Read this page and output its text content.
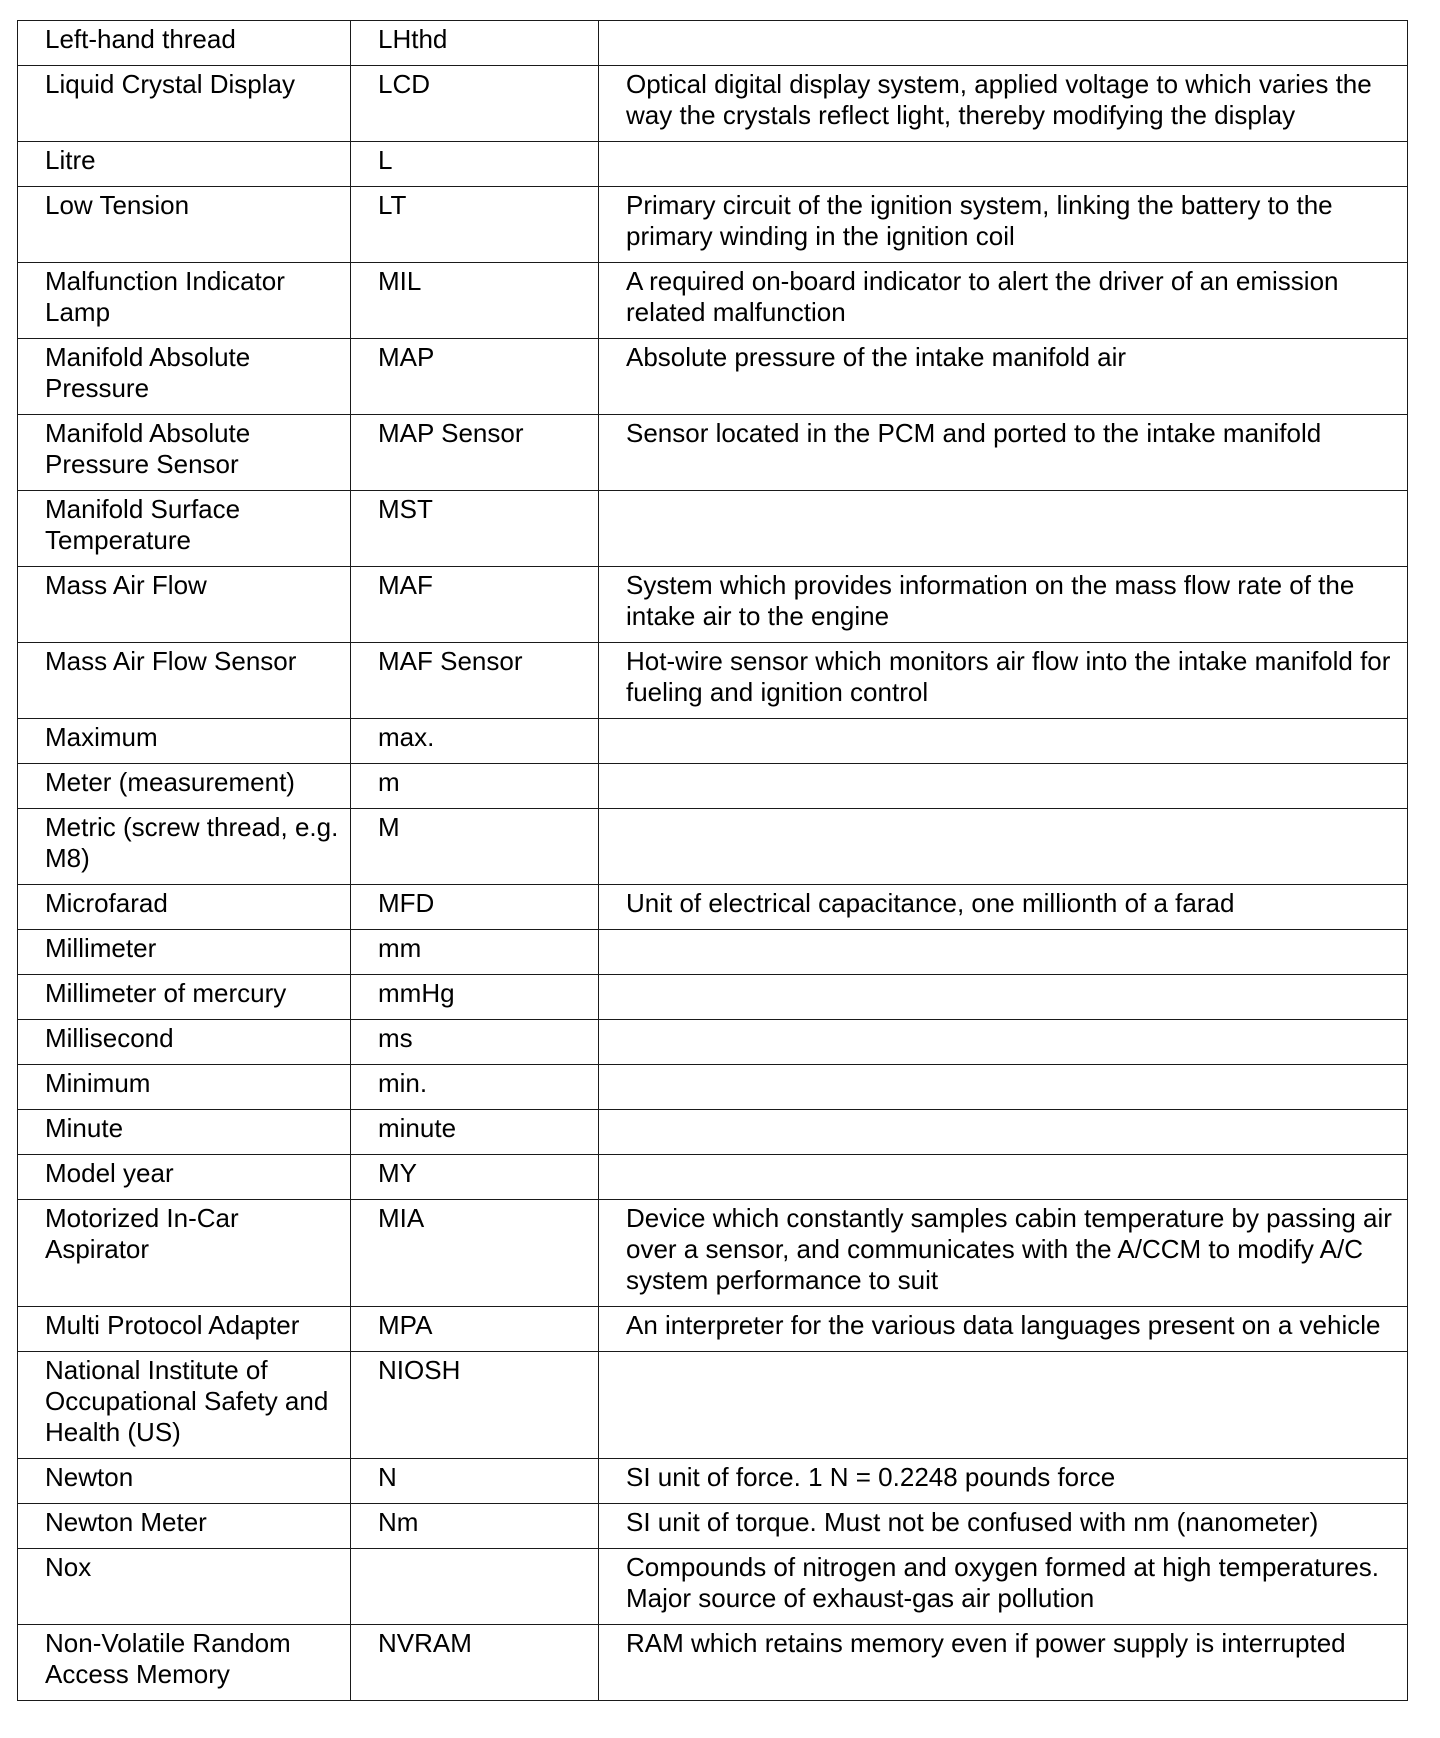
Left-hand thread	LHthd	
Liquid Crystal Display	LCD	Optical digital display system, applied voltage to which varies the way the crystals reflect light, thereby modifying the display
Litre	L	
Low Tension	LT	Primary circuit of the ignition system, linking the battery to the primary winding in the ignition coil
Malfunction Indicator Lamp	MIL	A required on-board indicator to alert the driver of an emission related malfunction
Manifold Absolute Pressure	MAP	Absolute pressure of the intake manifold air
Manifold Absolute Pressure Sensor	MAP Sensor	Sensor located in the PCM and ported to the intake manifold
Manifold Surface Temperature	MST	
Mass Air Flow	MAF	System which provides information on the mass flow rate of the intake air to the engine
Mass Air Flow Sensor	MAF Sensor	Hot-wire sensor which monitors air flow into the intake manifold for fueling and ignition control
Maximum	max.	
Meter (measurement)	m	
Metric (screw thread, e.g. M8)	M	
Microfarad	MFD	Unit of electrical capacitance, one millionth of a farad
Millimeter	mm	
Millimeter of mercury	mmHg	
Millisecond	ms	
Minimum	min.	
Minute	minute	
Model year	MY	
Motorized In-Car Aspirator	MIA	Device which constantly samples cabin temperature by passing air over a sensor, and communicates with the A/CCM to modify A/C system performance to suit
Multi Protocol Adapter	MPA	An interpreter for the various data languages present on a vehicle
National Institute of Occupational Safety and Health (US)	NIOSH	
Newton	N	SI unit of force. 1 N = 0.2248 pounds force
Newton Meter	Nm	SI unit of torque. Must not be confused with nm (nanometer)
Nox		Compounds of nitrogen and oxygen formed at high temperatures. Major source of exhaust-gas air pollution
Non-Volatile Random Access Memory	NVRAM	RAM which retains memory even if power supply is interrupted
